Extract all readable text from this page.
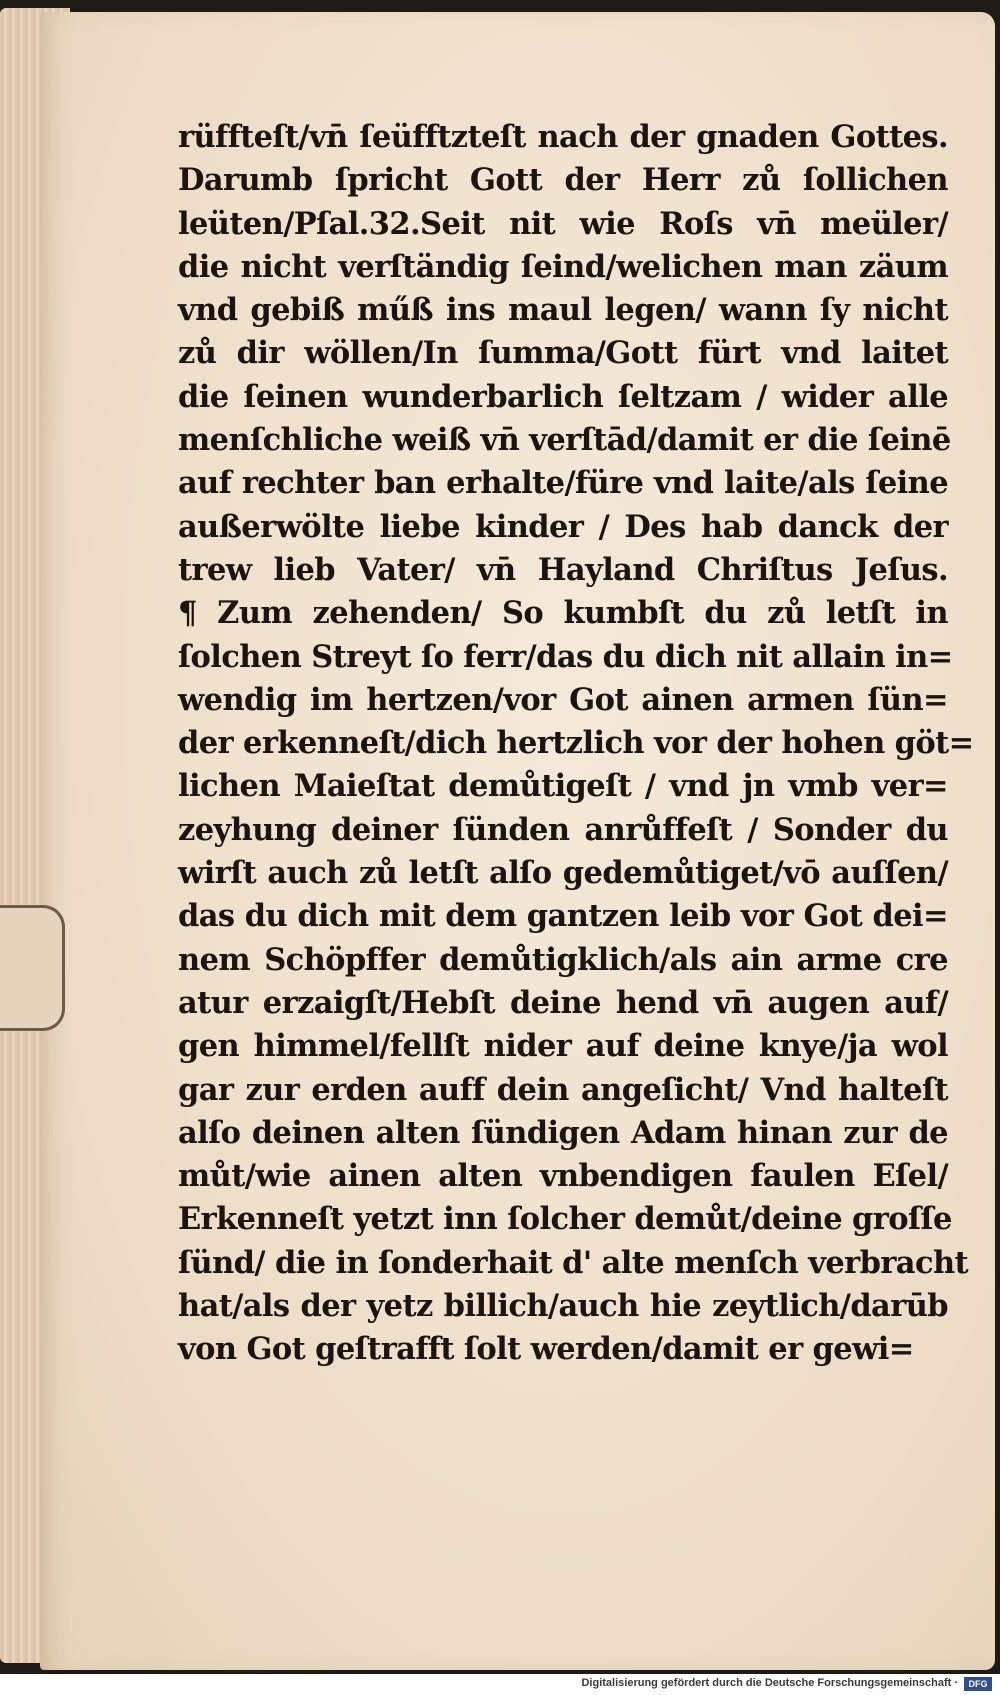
rüffteſt/vn̄ ſeüfftzteſt nach der gnaden Gottes.
Darumb ſpricht Gott der Herr zů ſollichen
leüten/Pſal.32.Seit nit wie Roſs vn̄ meüler/
die nicht verſtändig ſeind/welichen man zäum
vnd gebiß műß ins maul legen/ wann ſy nicht
zů dir wöllen/In ſumma/Gott fürt vnd laitet
die ſeinen wunderbarlich ſeltzam / wider alle
menſchliche weiß vn̄ verſtād/damit er die ſeinē
auf rechter ban erhalte/füre vnd laite/als ſeine
außerwölte liebe kinder / Des hab danck der
trew lieb Vater/ vn̄ Hayland Chriſtus Jeſus.
¶ Zum zehenden/ So kumbſt du zů letſt in
ſolchen Streyt ſo ferr/das du dich nit allain in=
wendig im hertzen/vor Got ainen armen ſün=
der erkenneſt/dich hertzlich vor der hohen göt=
lichen Maieſtat demůtigeſt / vnd jn vmb ver=
zeyhung deiner ſünden anrůffeſt / Sonder du
wirſt auch zů letſt alſo gedemůtiget/vō auſſen/
das du dich mit dem gantzen leib vor Got dei=
nem Schöpffer demůtigklich/als ain arme cre
atur erzaigſt/Hebſt deine hend vn̄ augen auf/
gen himmel/fellſt nider auf deine knye/ja wol
gar zur erden auff dein angeſicht/ Vnd halteſt
alſo deinen alten ſündigen Adam hinan zur de
můt/wie ainen alten vnbendigen faulen Eſel/
Erkenneſt yetzt inn ſolcher demůt/deine groſſe
ſünd/ die in ſonderhait d' alte menſch verbracht
hat/als der yetz billich/auch hie zeytlich/darūb
von Got geſtrafft ſolt werden/damit er gewi=
Digitalisierung gefördert durch die Deutsche Forschungsgemeinschaft ·	DFG
